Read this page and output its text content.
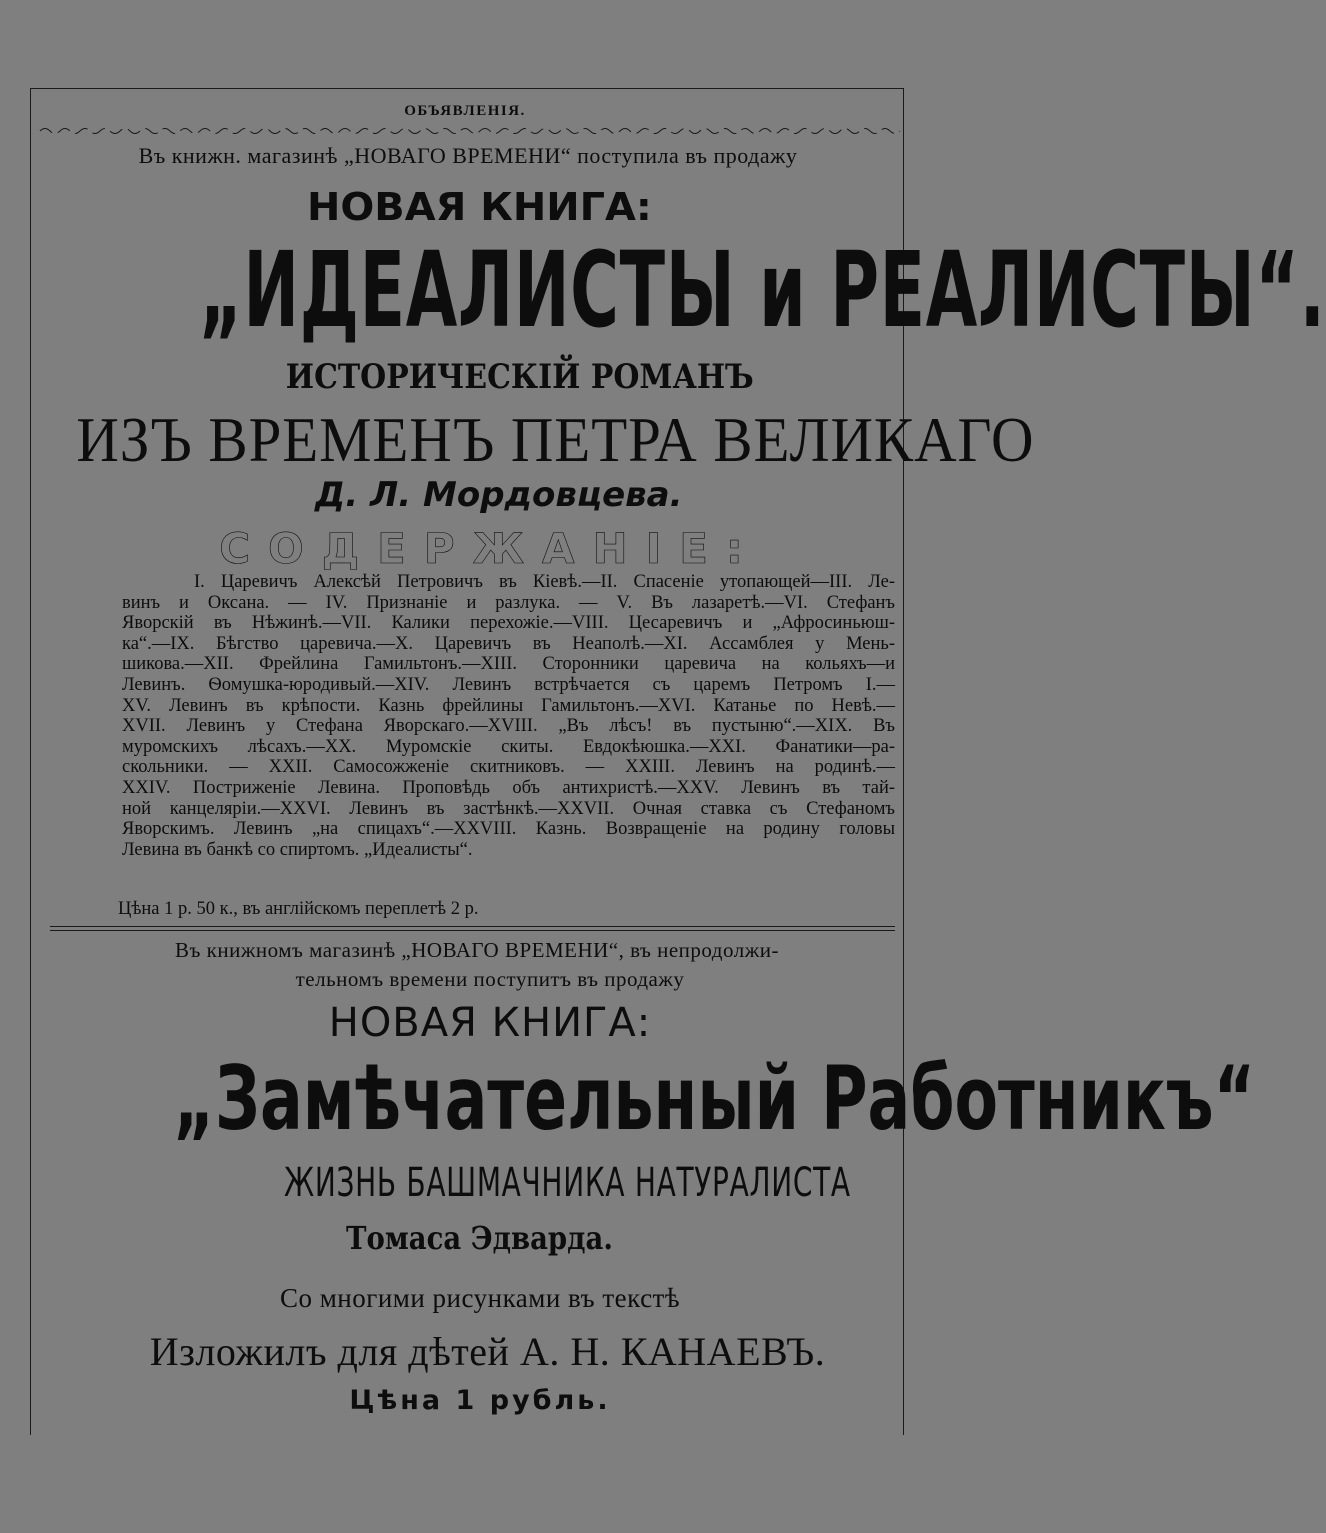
ОБЪЯВЛЕНІЯ.
Въ книжн. магазинѣ „НОВАГО ВРЕМЕНИ“ поступила въ продажу
НОВАЯ КНИГА:
„ИДЕАЛИСТЫ и РЕАЛИСТЫ“.
ИСТОРИЧЕСКІЙ РОМАНЪ
ИЗЪ ВРЕМЕНЪ ПЕТРА ВЕЛИКАГО
Д. Л. Мордовцева.
СОДЕРЖАНІЕ:
I. Царевичъ Алексѣй Петровичъ въ Кіевѣ.—II. Спасеніе утопающей—III. Ле-
винъ и Оксана. — IV. Признаніе и разлука. — V. Въ лазаретѣ.—VI. Стефанъ
Яворскій въ Нѣжинѣ.—VII. Калики перехожіе.—VIII. Цесаревичъ и „Афросиньюш-
ка“.—IX. Бѣгство царевича.—X. Царевичъ въ Неаполѣ.—XI. Ассамблея у Мень-
шикова.—XII. Фрейлина Гамильтонъ.—XIII. Сторонники царевича на кольяхъ—и
Левинъ. Ѳомушка-юродивый.—XIV. Левинъ встрѣчается съ царемъ Петромъ I.—
XV. Левинъ въ крѣпости. Казнь фрейлины Гамильтонъ.—XVI. Катанье по Невѣ.—
XVII. Левинъ у Стефана Яворскаго.—XVIII. „Въ лѣсъ! въ пустыню“.—XIX. Въ
муромскихъ лѣсахъ.—XX. Муромскіе скиты. Евдокѣюшка.—XXI. Фанатики—ра-
скольники. — XXII. Самосожженіе скитниковъ. — XXIII. Левинъ на родинѣ.—
XXIV. Постриженіе Левина. Проповѣдь объ антихристѣ.—XXV. Левинъ въ тай-
ной канцеляріи.—XXVI. Левинъ въ застѣнкѣ.—XXVII. Очная ставка съ Стефаномъ
Яворскимъ. Левинъ „на спицахъ“.—XXVIII. Казнь. Возвращеніе на родину головы
Левина въ банкѣ со спиртомъ. „Идеалисты“.
Цѣна 1 р. 50 к., въ англійскомъ переплетѣ 2 р.
Въ книжномъ магазинѣ „НОВАГО ВРЕМЕНИ“, въ непродолжи-
тельномъ времени поступитъ въ продажу
НОВАЯ КНИГА:
„Замѣчательный Работникъ“
ЖИЗНЬ БАШМАЧНИКА НАТУРАЛИСТА
Томаса Эдварда.
Со многими рисунками въ текстѣ
Изложилъ для дѣтей А. Н. КАНАЕВЪ.
Цѣна 1 рубль.
